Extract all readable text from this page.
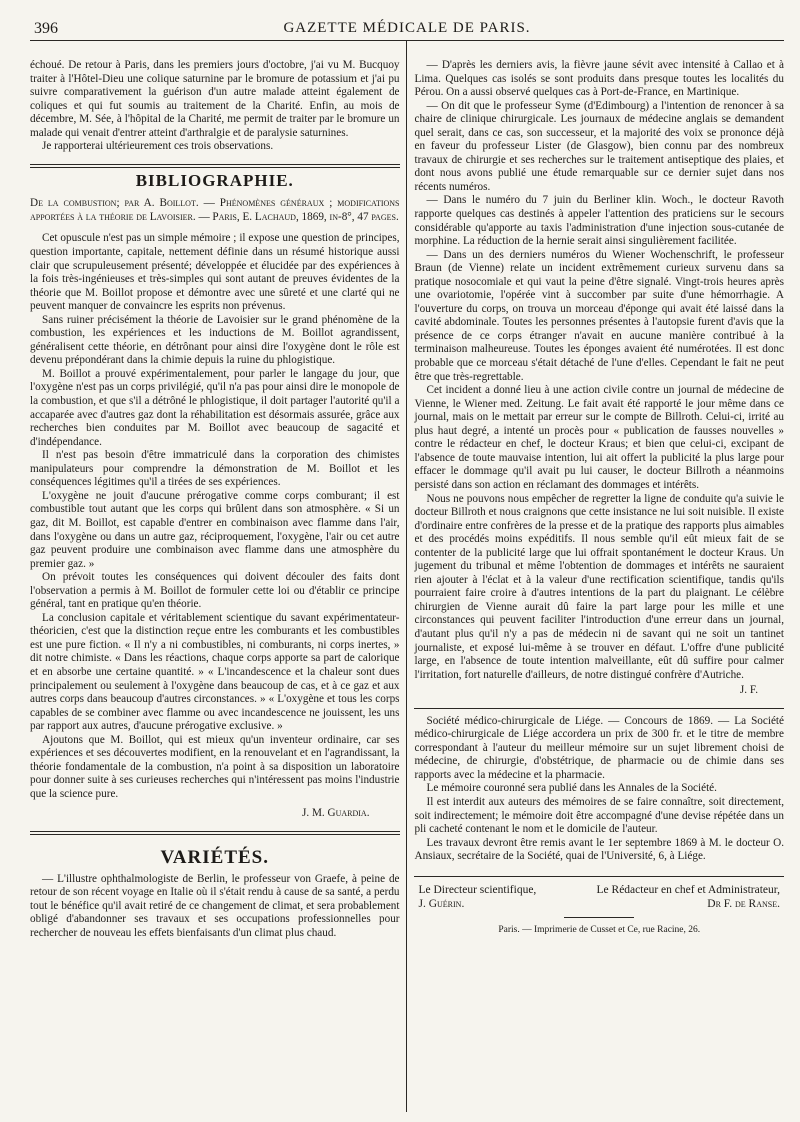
396	GAZETTE MÉDICALE DE PARIS.

échoué. De retour à Paris, dans les premiers jours d'octobre, j'ai vu M. Bucquoy traiter à l'Hôtel-Dieu une colique saturnine par le bromure de potassium et j'ai pu suivre comparativement la guérison d'un autre malade atteint également de coliques et qui fut soumis au traitement de la Charité. Enfin, au mois de décembre, M. Sée, à l'hôpital de la Charité, me permit de traiter par le bromure un malade qui venait d'entrer atteint d'arthralgie et de paralysie saturnines.

Je rapporterai ultérieurement ces trois observations.

BIBLIOGRAPHIE.

De la combustion; par A. Boillot. — Phénomènes généraux ; modifications apportées à la théorie de Lavoisier. — Paris, E. Lachaud, 1869, in-8°, 47 pages.

Cet opuscule n'est pas un simple mémoire ; il expose une question de principes, question importante, capitale, nettement définie dans un résumé historique aussi clair que scrupuleusement présenté; développée et élucidée par des expériences à la fois très-ingénieuses et très-simples qui sont autant de preuves évidentes de la théorie que M. Boillot propose et démontre avec une sûreté et une clarté qui ne peuvent manquer de convaincre les esprits non prévenus.

Sans ruiner précisément la théorie de Lavoisier sur le grand phénomène de la combustion, les expériences et les inductions de M. Boillot agrandissent, généralisent cette théorie, en détrônant pour ainsi dire l'oxygène dont le rôle est devenu prépondérant dans la chimie depuis la ruine du phlogistique.

M. Boillot a prouvé expérimentalement, pour parler le langage du jour, que l'oxygène n'est pas un corps privilégié, qu'il n'a pas pour ainsi dire le monopole de la combustion, et que s'il a détrôné le phlogistique, il doit partager l'autorité qu'il a accaparée avec d'autres gaz dont la réhabilitation est désormais assurée, grâce aux recherches bien conduites par M. Boillot avec beaucoup de sagacité et d'indépendance.

Il n'est pas besoin d'être immatriculé dans la corporation des chimistes manipulateurs pour comprendre la démonstration de M. Boillot et les conséquences légitimes qu'il a tirées de ses expériences.

L'oxygène ne jouit d'aucune prérogative comme corps comburant; il est combustible tout autant que les corps qui brûlent dans son atmosphère. « Si un gaz, dit M. Boillot, est capable d'entrer en combinaison avec flamme dans l'air, dans l'oxygène ou dans un autre gaz, réciproquement, l'oxygène, l'air ou cet autre gaz peuvent produire une combinaison avec flamme dans une atmosphère du premier gaz. »

On prévoit toutes les conséquences qui doivent découler des faits dont l'observation a permis à M. Boillot de formuler cette loi ou d'établir ce principe général, tant en pratique qu'en théorie.

La conclusion capitale et véritablement scientique du savant expérimentateur-théoricien, c'est que la distinction reçue entre les comburants et les combustibles est une pure fiction. « Il n'y a ni combustibles, ni comburants, ni corps inertes, » dit notre chimiste. « Dans les réactions, chaque corps apporte sa part de calorique et en absorbe une certaine quantité. » « L'incandescence et la chaleur sont dues principalement ou seulement à l'oxygène dans beaucoup de cas, et à ce gaz et aux autres corps dans beaucoup d'autres circonstances. » « L'oxygène et tous les corps capables de se combiner avec flamme ou avec incandescence ne jouissent, les uns par rapport aux autres, d'aucune prérogative exclusive. »

Ajoutons que M. Boillot, qui est mieux qu'un inventeur ordinaire, car ses expériences et ses découvertes modifient, en la renouvelant et en l'agrandissant, la théorie fondamentale de la combustion, n'a point à sa disposition un laboratoire pour donner suite à ses curieuses recherches qui n'intéressent pas moins l'industrie que la science pure.

J. M. Guardia.
VARIÉTÉS.

— L'illustre ophthalmologiste de Berlin, le professeur von Graefe, à peine de retour de son récent voyage en Italie où il s'était rendu à cause de sa santé, a perdu tout le bénéfice qu'il avait retiré de ce changement de climat, et sera probablement obligé d'abandonner ses travaux et ses occupations professionnelles pour rechercher de nouveau les effets bienfaisants d'un climat plus chaud.

— D'après les derniers avis, la fièvre jaune sévit avec intensité à Callao et à Lima. Quelques cas isolés se sont produits dans presque toutes les localités du Pérou. On a aussi observé quelques cas à Port-de-France, en Martinique.

— On dit que le professeur Syme (d'Edimbourg) a l'intention de renoncer à sa chaire de clinique chirurgicale. Les journaux de médecine anglais se demandent quel serait, dans ce cas, son successeur, et la majorité des voix se prononce déjà en faveur du professeur Lister (de Glasgow), bien connu par des nombreux travaux de chirurgie et ses recherches sur le traitement antiseptique des plaies, et dont nous avons publié une étude remarquable sur ce dernier sujet dans nos récents numéros.

— Dans le numéro du 7 juin du Berliner klin. Woch., le docteur Ravoth rapporte quelques cas destinés à appeler l'attention des praticiens sur le secours considérable qu'apporte au taxis l'administration d'une injection sous-cutanée de morphine. La réduction de la hernie serait ainsi singulièrement facilitée.

— Dans un des derniers numéros du Wiener Wochenschrift, le professeur Braun (de Vienne) relate un incident extrêmement curieux survenu dans sa pratique nosocomiale et qui vaut la peine d'être signalé. Vingt-trois heures après une ovariotomie, l'opérée vint à succomber par suite d'une hémorrhagie. A l'ouverture du corps, on trouva un morceau d'éponge qui avait été laissé dans la cavité abdominale. Toutes les personnes présentes à l'autopsie furent d'avis que la présence de ce corps étranger n'avait en aucune manière contribué à la terminaison malheureuse. Toutes les éponges avaient été numérotées. Il est donc probable que ce morceau s'était détaché de l'une d'elles. Cependant le fait ne peut être que très-regrettable.

Cet incident a donné lieu à une action civile contre un journal de médecine de Vienne, le Wiener med. Zeitung. Le fait avait été rapporté le jour même dans ce journal, mais on le mettait par erreur sur le compte de Billroth. Celui-ci, irrité au plus haut degré, a intenté un procès pour « publication de fausses nouvelles » contre le rédacteur en chef, le docteur Kraus; et bien que celui-ci, excipant de l'absence de toute mauvaise intention, lui ait offert la publicité la plus large pour effacer le dommage qu'il avait pu lui causer, le docteur Billroth a néanmoins persisté dans son action en réclamant des dommages et intérêts.

Nous ne pouvons nous empêcher de regretter la ligne de conduite qu'a suivie le docteur Billroth et nous craignons que cette insistance ne lui soit nuisible. Il existe d'ordinaire entre confrères de la presse et de la pratique des rapports plus aimables et des procédés moins expéditifs. Il nous semble qu'il eût mieux fait de se contenter de la publicité large que lui offrait spontanément le docteur Kraus. Un jugement du tribunal et même l'obtention de dommages et intérêts ne sauraient rien ajouter à l'éclat et à la valeur d'une rectification scientifique, tandis qu'ils pourraient faire croire à d'autres intentions de la part du plaignant. Le célèbre chirurgien de Vienne aurait dû faire la part large pour les mille et une circonstances qui peuvent faciliter l'introduction d'une erreur dans un journal, d'autant plus qu'il n'y a pas de médecin ni de savant qui ne soit un tantinet journaliste, et exposé lui-même à se trouver en défaut. L'offre d'une publicité large, en l'absence de toute intention malveillante, eût dû suffire pour calmer l'irritation, fort naturelle d'ailleurs, de notre distingué confrère d'Autriche.

J. F.

Société médico-chirurgicale de Liége. — Concours de 1869. — La Société médico-chirurgicale de Liége accordera un prix de 300 fr. et le titre de membre correspondant à l'auteur du meilleur mémoire sur un sujet librement choisi de médecine, de chirurgie, d'obstétrique, de pharmacie ou de chimie dans ses rapports avec la médecine et la pharmacie.

Le mémoire couronné sera publié dans les Annales de la Société.

Il est interdit aux auteurs des mémoires de se faire connaître, soit directement, soit indirectement; le mémoire doit être accompagné d'une devise répétée dans un pli cacheté contenant le nom et le domicile de l'auteur.

Les travaux devront être remis avant le 1er septembre 1869 à M. le docteur O. Ansiaux, secrétaire de la Société, quai de l'Université, 6, à Liége.

Le Directeur scientifique,	Le Rédacteur en chef et Administrateur,
J. Guérin.	Dr F. de Ranse.
Paris. — Imprimerie de Cusset et Ce, rue Racine, 26.
